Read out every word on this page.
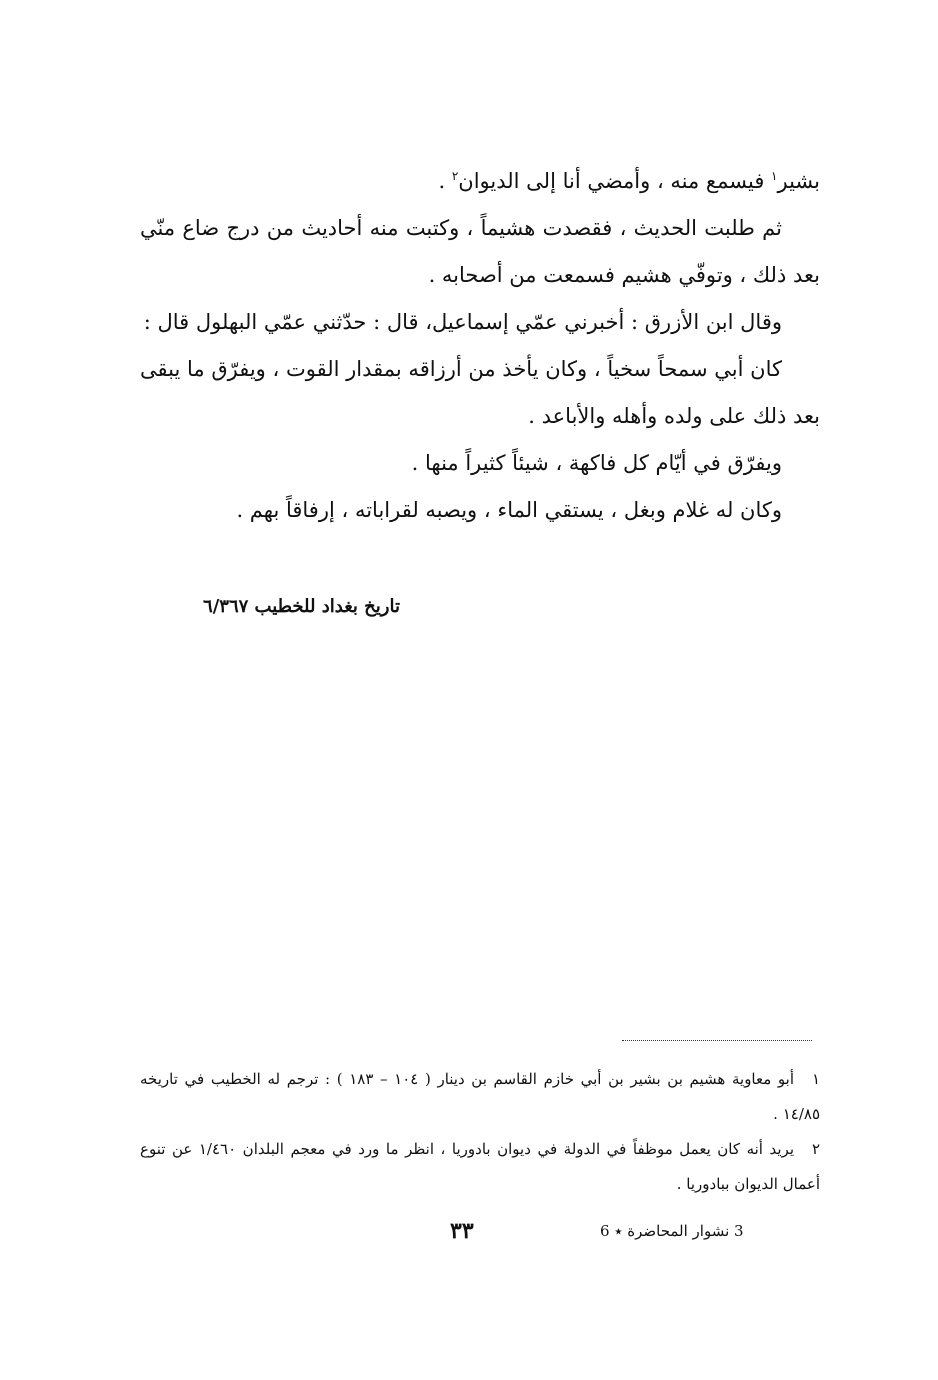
بشير$^١$ فيسمع منه ، وأمضي أنا إلى الديوان$^٢$ .

ثم طلبت الحديث ، فقصدت هشيماً ، وكتبت منه أحاديث من درج ضاع منّي بعد ذلك ، وتوفّي هشيم فسمعت من أصحابه .

وقال ابن الأزرق : أخبرني عمّي إسماعيل، قال : حدّثني عمّي البهلول قال :

كان أبي سمحاً سخياً ، وكان يأخذ من أرزاقه بمقدار القوت ، ويفرّق ما يبقى بعد ذلك على ولده وأهله والأباعد .

ويفرّق في أيّام كل فاكهة ، شيئاً كثيراً منها .

وكان له غلام وبغل ، يستقي الماء ، ويصبه لقراباته ، إرفاقاً بهم .

تاريخ بغداد للخطيب ٦/٣٦٧

١أبو معاوية هشيم بن بشير بن أبي خازم القاسم بن دينار ( ١٠٤ – ١٨٣ ) : ترجم له الخطيب في تاريخه ١٤/٨٥ .

٢يريد أنه كان يعمل موظفاً في الدولة في ديوان بادوريا ، انظر ما ورد في معجم البلدان ١/٤٦٠ عن تنوع أعمال الديوان ببادوريا .

٣٣	3 نشوار المحاضرة ٭ 6
